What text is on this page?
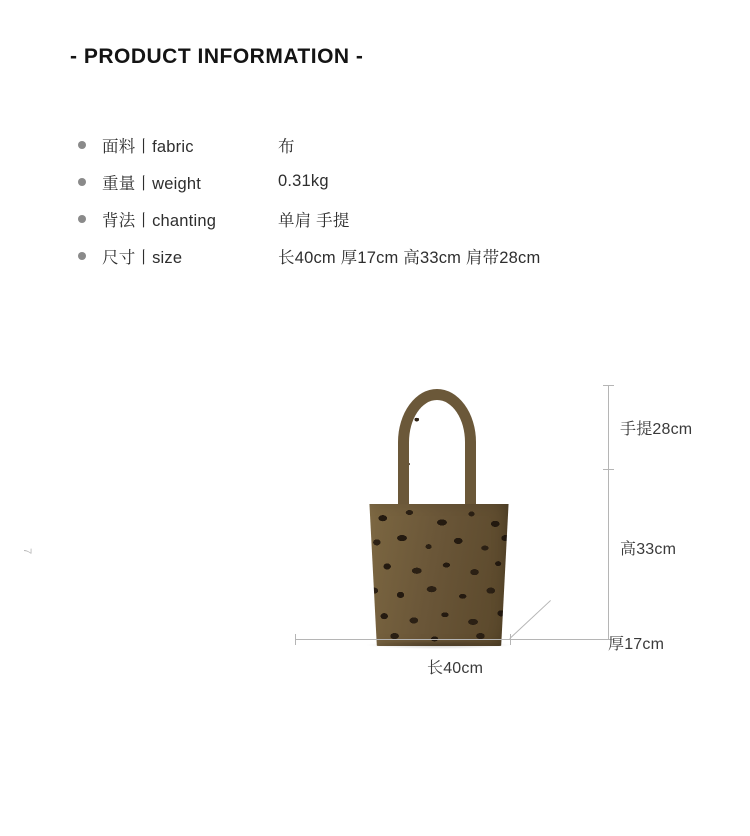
- PRODUCT INFORMATION -
面料丨fabric	布
重量丨weight	0.31kg
背法丨chanting	单肩 手提
尺寸丨size	长40cm 厚17cm 高33cm 肩带28cm
7
手提28cm
高33cm
厚17cm
长40cm
